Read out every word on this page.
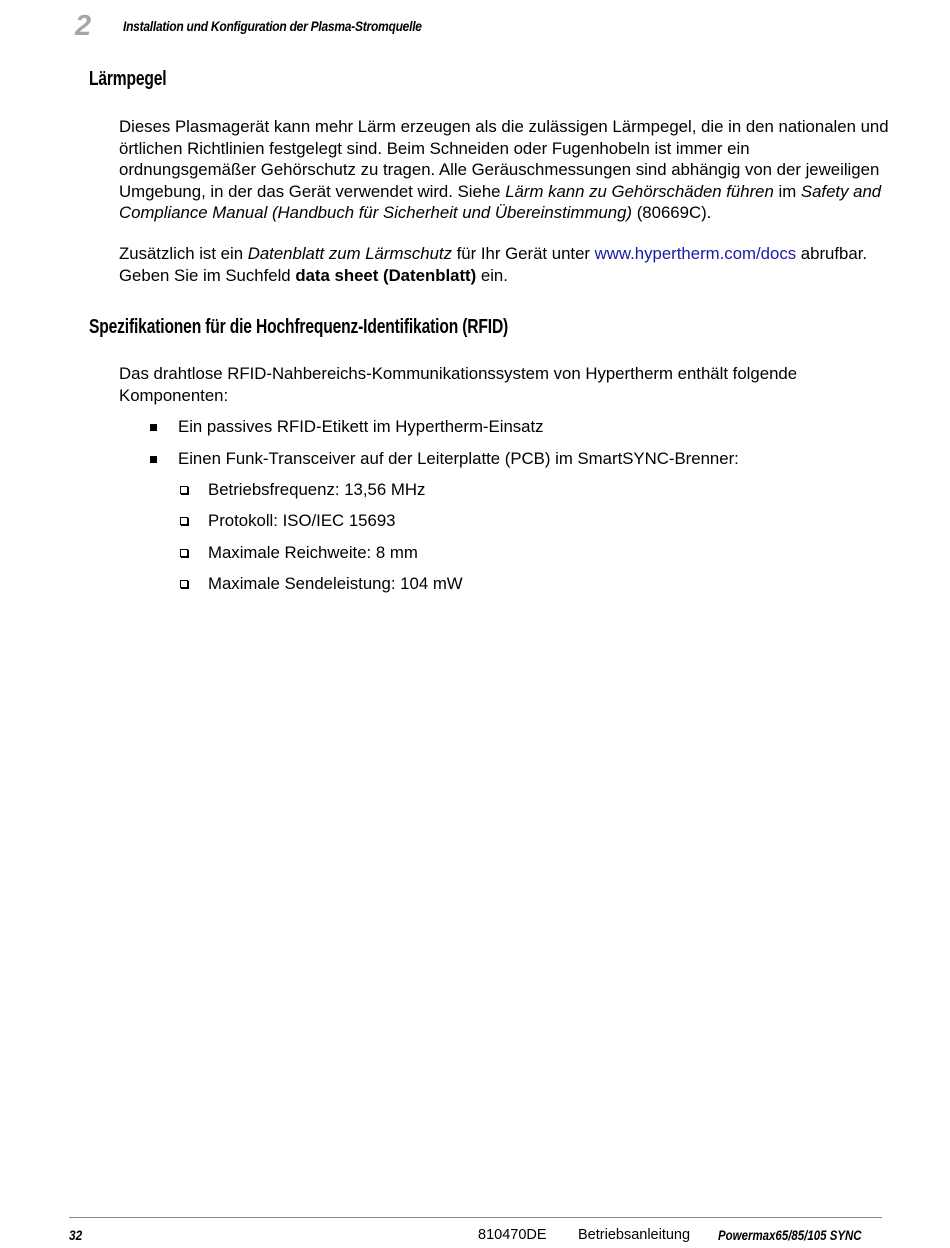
2 Installation und Konfiguration der Plasma-Stromquelle
Lärmpegel

Dieses Plasmagerät kann mehr Lärm erzeugen als die zulässigen Lärmpegel, die in den nationalen und örtlichen Richtlinien festgelegt sind. Beim Schneiden oder Fugenhobeln ist immer ein ordnungsgemäßer Gehörschutz zu tragen. Alle Geräuschmessungen sind abhängig von der jeweiligen Umgebung, in der das Gerät verwendet wird. Siehe Lärm kann zu Gehörschäden führen im Safety and Compliance Manual (Handbuch für Sicherheit und Übereinstimmung) (80669C).

Zusätzlich ist ein Datenblatt zum Lärmschutz für Ihr Gerät unter www.hypertherm.com/docs abrufbar. Geben Sie im Suchfeld data sheet (Datenblatt) ein.

Spezifikationen für die Hochfrequenz-Identifikation (RFID)

Das drahtlose RFID-Nahbereichs-Kommunikationssystem von Hypertherm enthält folgende Komponenten:

Ein passives RFID-Etikett im Hypertherm-Einsatz
Einen Funk-Transceiver auf der Leiterplatte (PCB) im SmartSYNC-Brenner:
Betriebsfrequenz: 13,56 MHz
Protokoll: ISO/IEC 15693
Maximale Reichweite: 8 mm
Maximale Sendeleistung: 104 mW
32	810470DE Betriebsanleitung Powermax65/85/105 SYNC
